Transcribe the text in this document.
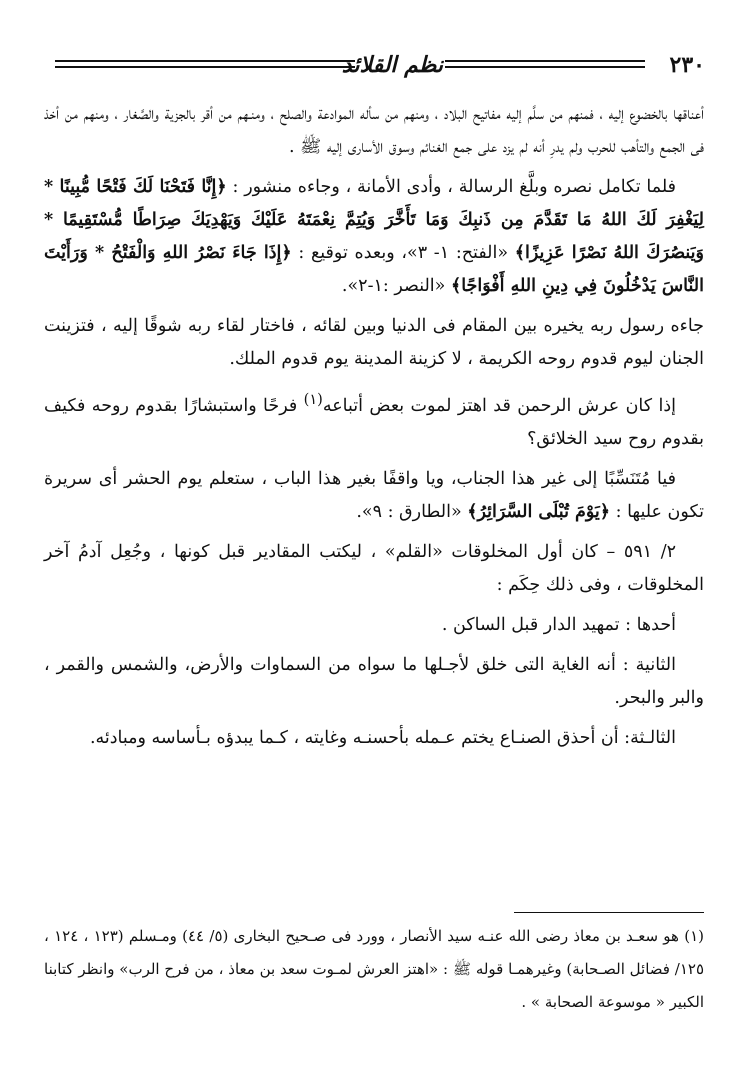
٢٣٠
نظم القلائد

أعناقها بالخضوع إليه ، فمنهم من سلَّم إليه مفاتيح البلاد ، ومنهم من سأله الموادعة والصلح ، ومنـهم من أقر بالجزية والصَّغار ، ومنهم من أخذ فى الجمع والتأهب للحرب ولم يدرِ أنه لم يزد على جمع الغنائم وسوق الأسارى إليه ﷺ .

فلما تكامل نصره وبلَّغ الرسالة ، وأدى الأمانة ، وجاءه منشور : ﴿إِنَّا فَتَحْنَا لَكَ فَتْحًا مُّبِينًا * لِيَغْفِرَ لَكَ اللهُ مَا تَقَدَّمَ مِن ذَنبِكَ وَمَا تَأَخَّرَ وَيُتِمَّ نِعْمَتَهُ عَلَيْكَ وَيَهْدِيَكَ صِرَاطًا مُّسْتَقِيمًا * وَيَنصُرَكَ اللهُ نَصْرًا عَزِيزًا﴾ «الفتح: ١- ٣»، وبعده توقيع : ﴿إِذَا جَاءَ نَصْرُ اللهِ وَالْفَتْحُ * وَرَأَيْتَ النَّاسَ يَدْخُلُونَ فِي دِينِ اللهِ أَفْوَاجًا﴾ «النصر :١-٢».

جاءه رسول ربه يخيره بين المقام فى الدنيا وبين لقائه ، فاختار لقاء ربه شوقًا إليه ، فتزينت الجنان ليوم قدوم روحه الكريمة ، لا كزينة المدينة يوم قدوم الملك.

إذا كان عرش الرحمن قد اهتز لموت بعض أتباعه$^{(١)}$ فرحًا واستبشارًا بقدوم روحه فكيف بقدوم روح سيد الخلائق؟

فيا مُتَنَسِّبًا إلى غير هذا الجناب، ويا واقفًا بغير هذا الباب ، ستعلم يوم الحشر أى سريرة تكون عليها : ﴿يَوْمَ تُبْلَى السَّرَائِرُ﴾ «الطارق : ٩».

٢/ ٥٩١ – كان أول المخلوقات «القلم» ، ليكتب المقادير قبل كونها ، وجُعِل آدمُ آخر المخلوقات ، وفى ذلك حِكَم :

أحدها : تمهيد الدار قبل الساكن .

الثانية : أنه الغاية التى خلق لأجـلها ما سواه من السماوات والأرض، والشمس والقمر ، والبر والبحر.

الثالـثة: أن أحذق الصنـاع يختم عـمله بأحسنـه وغايته ، كـما يبدؤه بـأساسه ومبادئه.

(١) هو سعـد بن معاذ رضى الله عنـه سيد الأنصار ، وورد فى صـحيح البخارى (٥/ ٤٤) ومـسلم (١٢٣ ، ١٢٤ ، ١٢٥/ فضائل الصـحابة) وغيرهمـا قوله ﷺ : «اهتز العرش لمـوت سعد بن معاذ ، من فرح الرب» وانظر كتابنا الكبير « موسوعة الصحابة » .
